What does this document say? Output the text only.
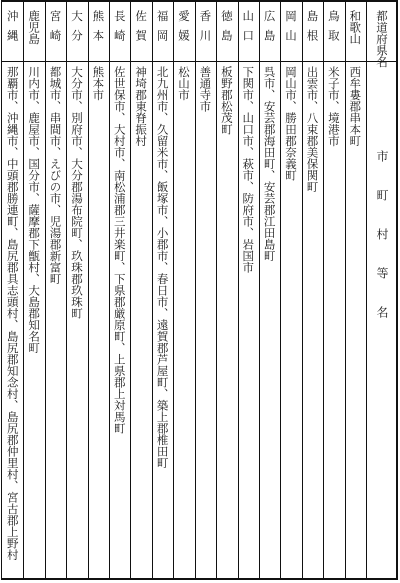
都道府県名
市町村等名
和歌山
西牟婁郡串本町
鳥取
米子市、境港市
島根
出雲市、八束郡美保関町
岡山
岡山市、勝田郡奈義町
広島
呉市、安芸郡海田町、安芸郡江田島町
山口
下関市、山口市、萩市、防府市、岩国市
徳島
板野郡松茂町
香川
善通寺市
愛媛
松山市
福岡
北九州市、久留米市、飯塚市、小郡市、春日市、遠賀郡芦屋町、築上郡椎田町
佐賀
神埼郡東脊振村
長崎
佐世保市、大村市、南松浦郡三井楽町、下県郡厳原町、上県郡上対馬町
熊本
熊本市
大分
大分市、別府市、大分郡湯布院町、玖珠郡玖珠町
宮崎
都城市、串間市、えびの市、児湯郡新富町
鹿児島
川内市、鹿屋市、国分市、薩摩郡下甑村、大島郡知名町
沖縄
那覇市、沖縄市、中頭郡勝連町、島尻郡具志頭村、島尻郡知念村、島尻郡仲里村、宮古郡上野村
